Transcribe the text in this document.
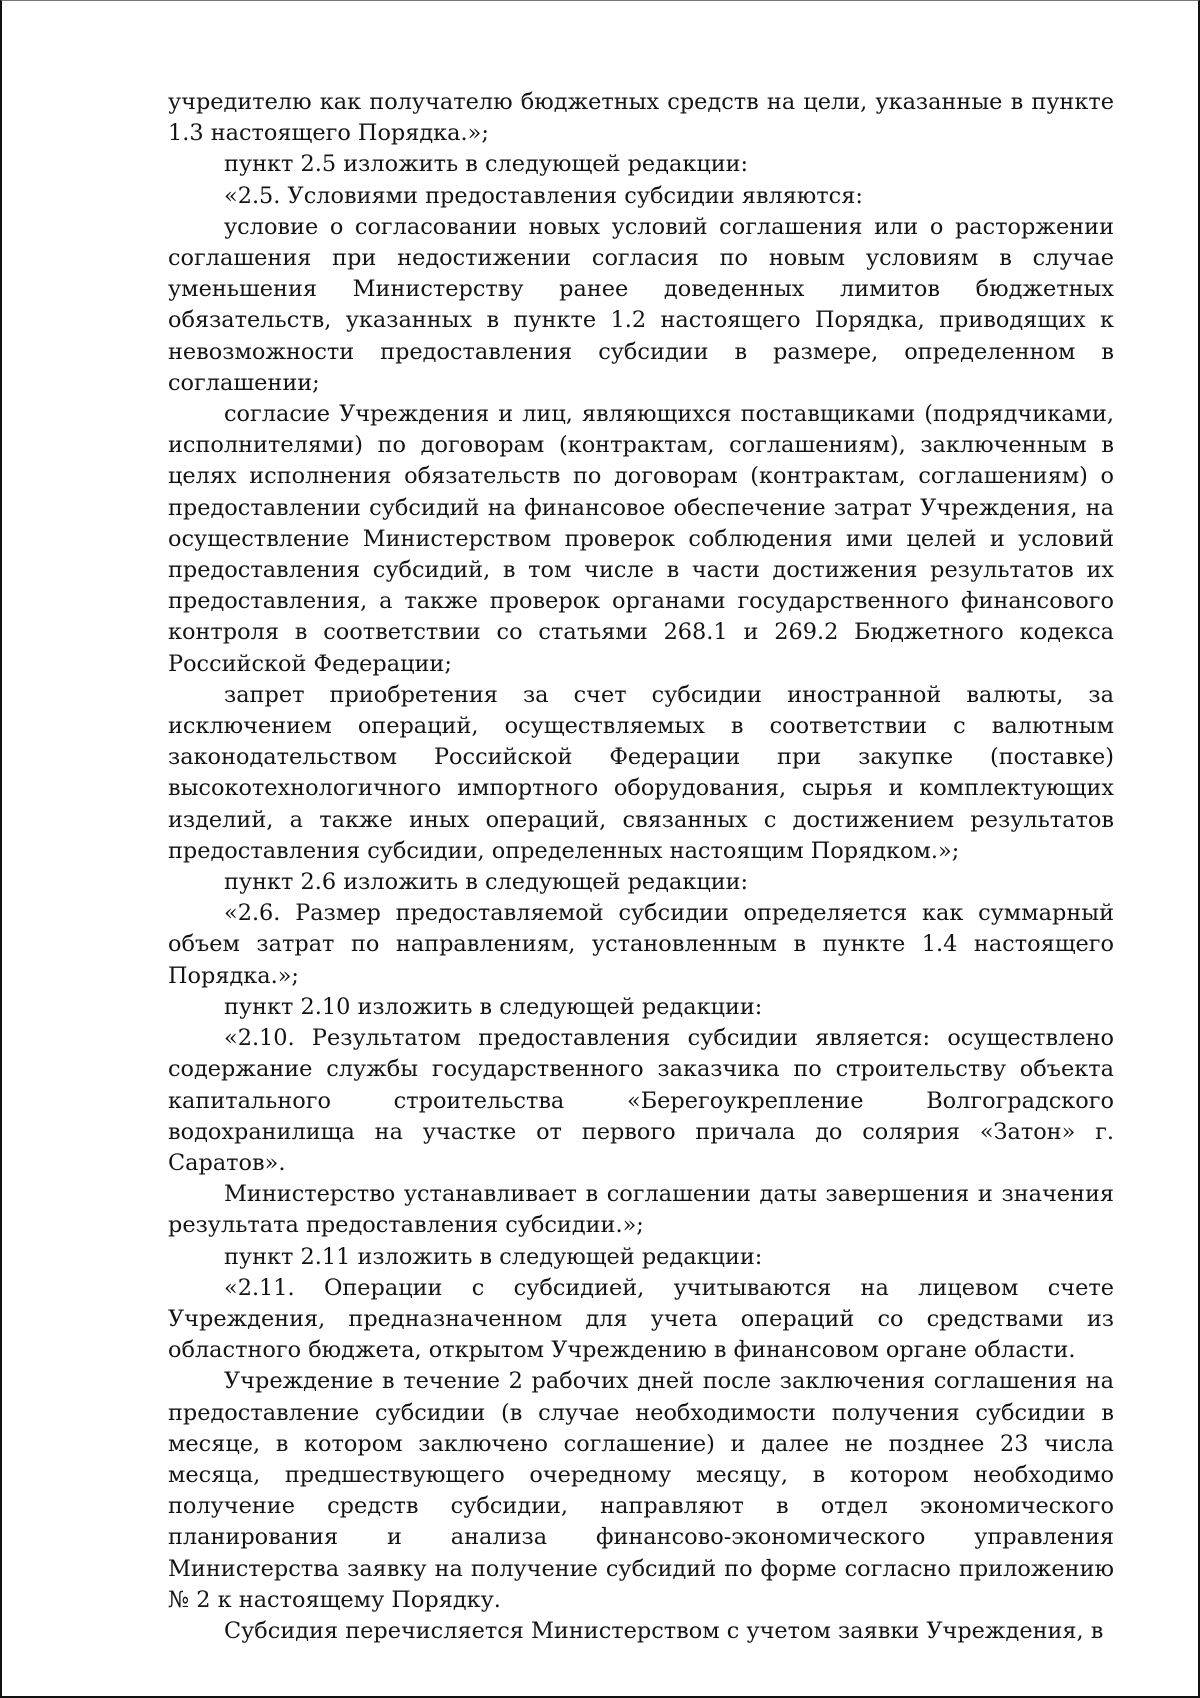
учредителю как получателю бюджетных средств на цели, указанные в пункте 1.3 настоящего Порядка.»;

пункт 2.5 изложить в следующей редакции:

«2.5. Условиями предоставления субсидии являются:

условие о согласовании новых условий соглашения или о расторжении соглашения при недостижении согласия по новым условиям в случае уменьшения Министерству ранее доведенных лимитов бюджетных обязательств, указанных в пункте 1.2 настоящего Порядка, приводящих к невозможности предоставления субсидии в размере, определенном в соглашении;

согласие Учреждения и лиц, являющихся поставщиками (подрядчиками, исполнителями) по договорам (контрактам, соглашениям), заключенным в целях исполнения обязательств по договорам (контрактам, соглашениям) о предоставлении субсидий на финансовое обеспечение затрат Учреждения, на осуществление Министерством проверок соблюдения ими целей и условий предоставления субсидий, в том числе в части достижения результатов их предоставления, а также проверок органами государственного финансового контроля в соответствии со статьями 268.1 и 269.2 Бюджетного кодекса Российской Федерации;

запрет приобретения за счет субсидии иностранной валюты, за исключением операций, осуществляемых в соответствии с валютным законодательством Российской Федерации при закупке (поставке) высокотехнологичного импортного оборудования, сырья и комплектующих изделий, а также иных операций, связанных с достижением результатов предоставления субсидии, определенных настоящим Порядком.»;

пункт 2.6 изложить в следующей редакции:

«2.6. Размер предоставляемой субсидии определяется как суммарный объем затрат по направлениям, установленным в пункте 1.4 настоящего Порядка.»;

пункт 2.10 изложить в следующей редакции:

«2.10. Результатом предоставления субсидии является: осуществлено содержание службы государственного заказчика по строительству объекта капитального строительства «Берегоукрепление Волгоградского водохранилища на участке от первого причала до солярия «Затон» г. Саратов».

Министерство устанавливает в соглашении даты завершения и значения результата предоставления субсидии.»;

пункт 2.11 изложить в следующей редакции:

«2.11. Операции с субсидией, учитываются на лицевом счете Учреждения, предназначенном для учета операций со средствами из областного бюджета, открытом Учреждению в финансовом органе области.

Учреждение в течение 2 рабочих дней после заключения соглашения на предоставление субсидии (в случае необходимости получения субсидии в месяце, в котором заключено соглашение) и далее не позднее 23 числа месяца, предшествующего очередному месяцу, в котором необходимо получение средств субсидии, направляют в отдел экономического планирования и анализа финансово-экономического управления Министерства заявку на получение субсидий по форме согласно приложению № 2 к настоящему Порядку.

Субсидия перечисляется Министерством с учетом заявки Учреждения, в
